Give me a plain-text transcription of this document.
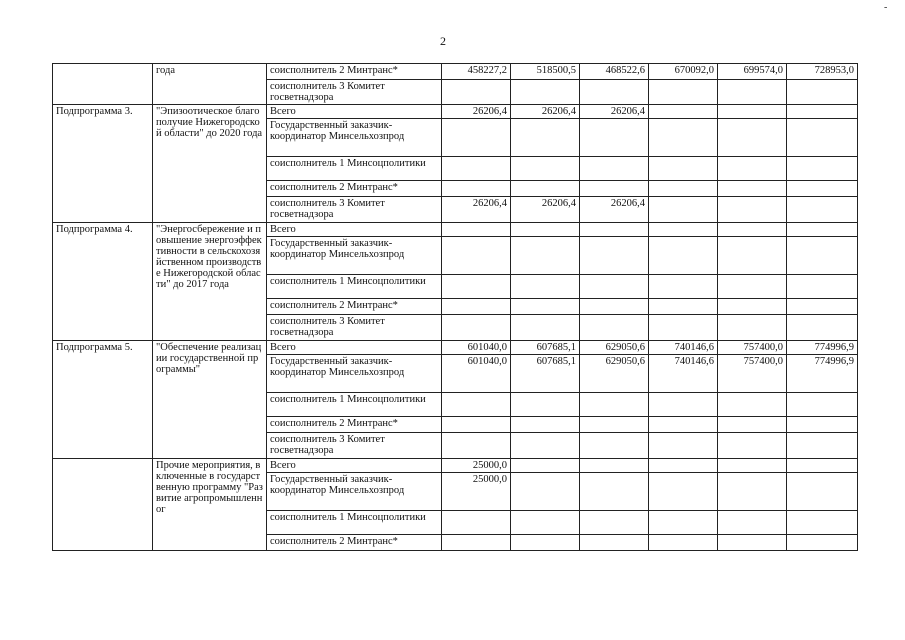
2
-
	года	соисполнитель 2 Минтранс*	458227,2	518500,5	468522,6	670092,0	699574,0	728953,0
		соисполнитель 3 Комитет госветнадзора						
Подпрограмма 3.	"Эпизоотическое благополучие Нижегородской области" до 2020 года	Всего	26206,4	26206,4	26206,4			
		Государственный заказчик-координатор Минсельхозпрод						
		соисполнитель 1 Минсоцполитики						
		соисполнитель 2 Минтранс*						
		соисполнитель 3 Комитет госветнадзора	26206,4	26206,4	26206,4			
Подпрограмма 4.	"Энергосбережение и повышение энергоэффективности в сельскохозяйственном производстве Нижегородской области" до 2017 года	Всего						
		Государственный заказчик-координатор Минсельхозпрод						
		соисполнитель 1 Минсоцполитики						
		соисполнитель 2 Минтранс*						
		соисполнитель 3 Комитет госветнадзора						
Подпрограмма 5.	"Обеспечение реализации государственной программы"	Всего	601040,0	607685,1	629050,6	740146,6	757400,0	774996,9
		Государственный заказчик-координатор Минсельхозпрод	601040,0	607685,1	629050,6	740146,6	757400,0	774996,9
		соисполнитель 1 Минсоцполитики						
		соисполнитель 2 Минтранс*						
		соисполнитель 3 Комитет госветнадзора						
	Прочие мероприятия, включенные в государственную программу "Развитие агропромышленног	Всего	25000,0					
		Государственный заказчик-координатор Минсельхозпрод	25000,0					
		соисполнитель 1 Минсоцполитики						
		соисполнитель 2 Минтранс*						
